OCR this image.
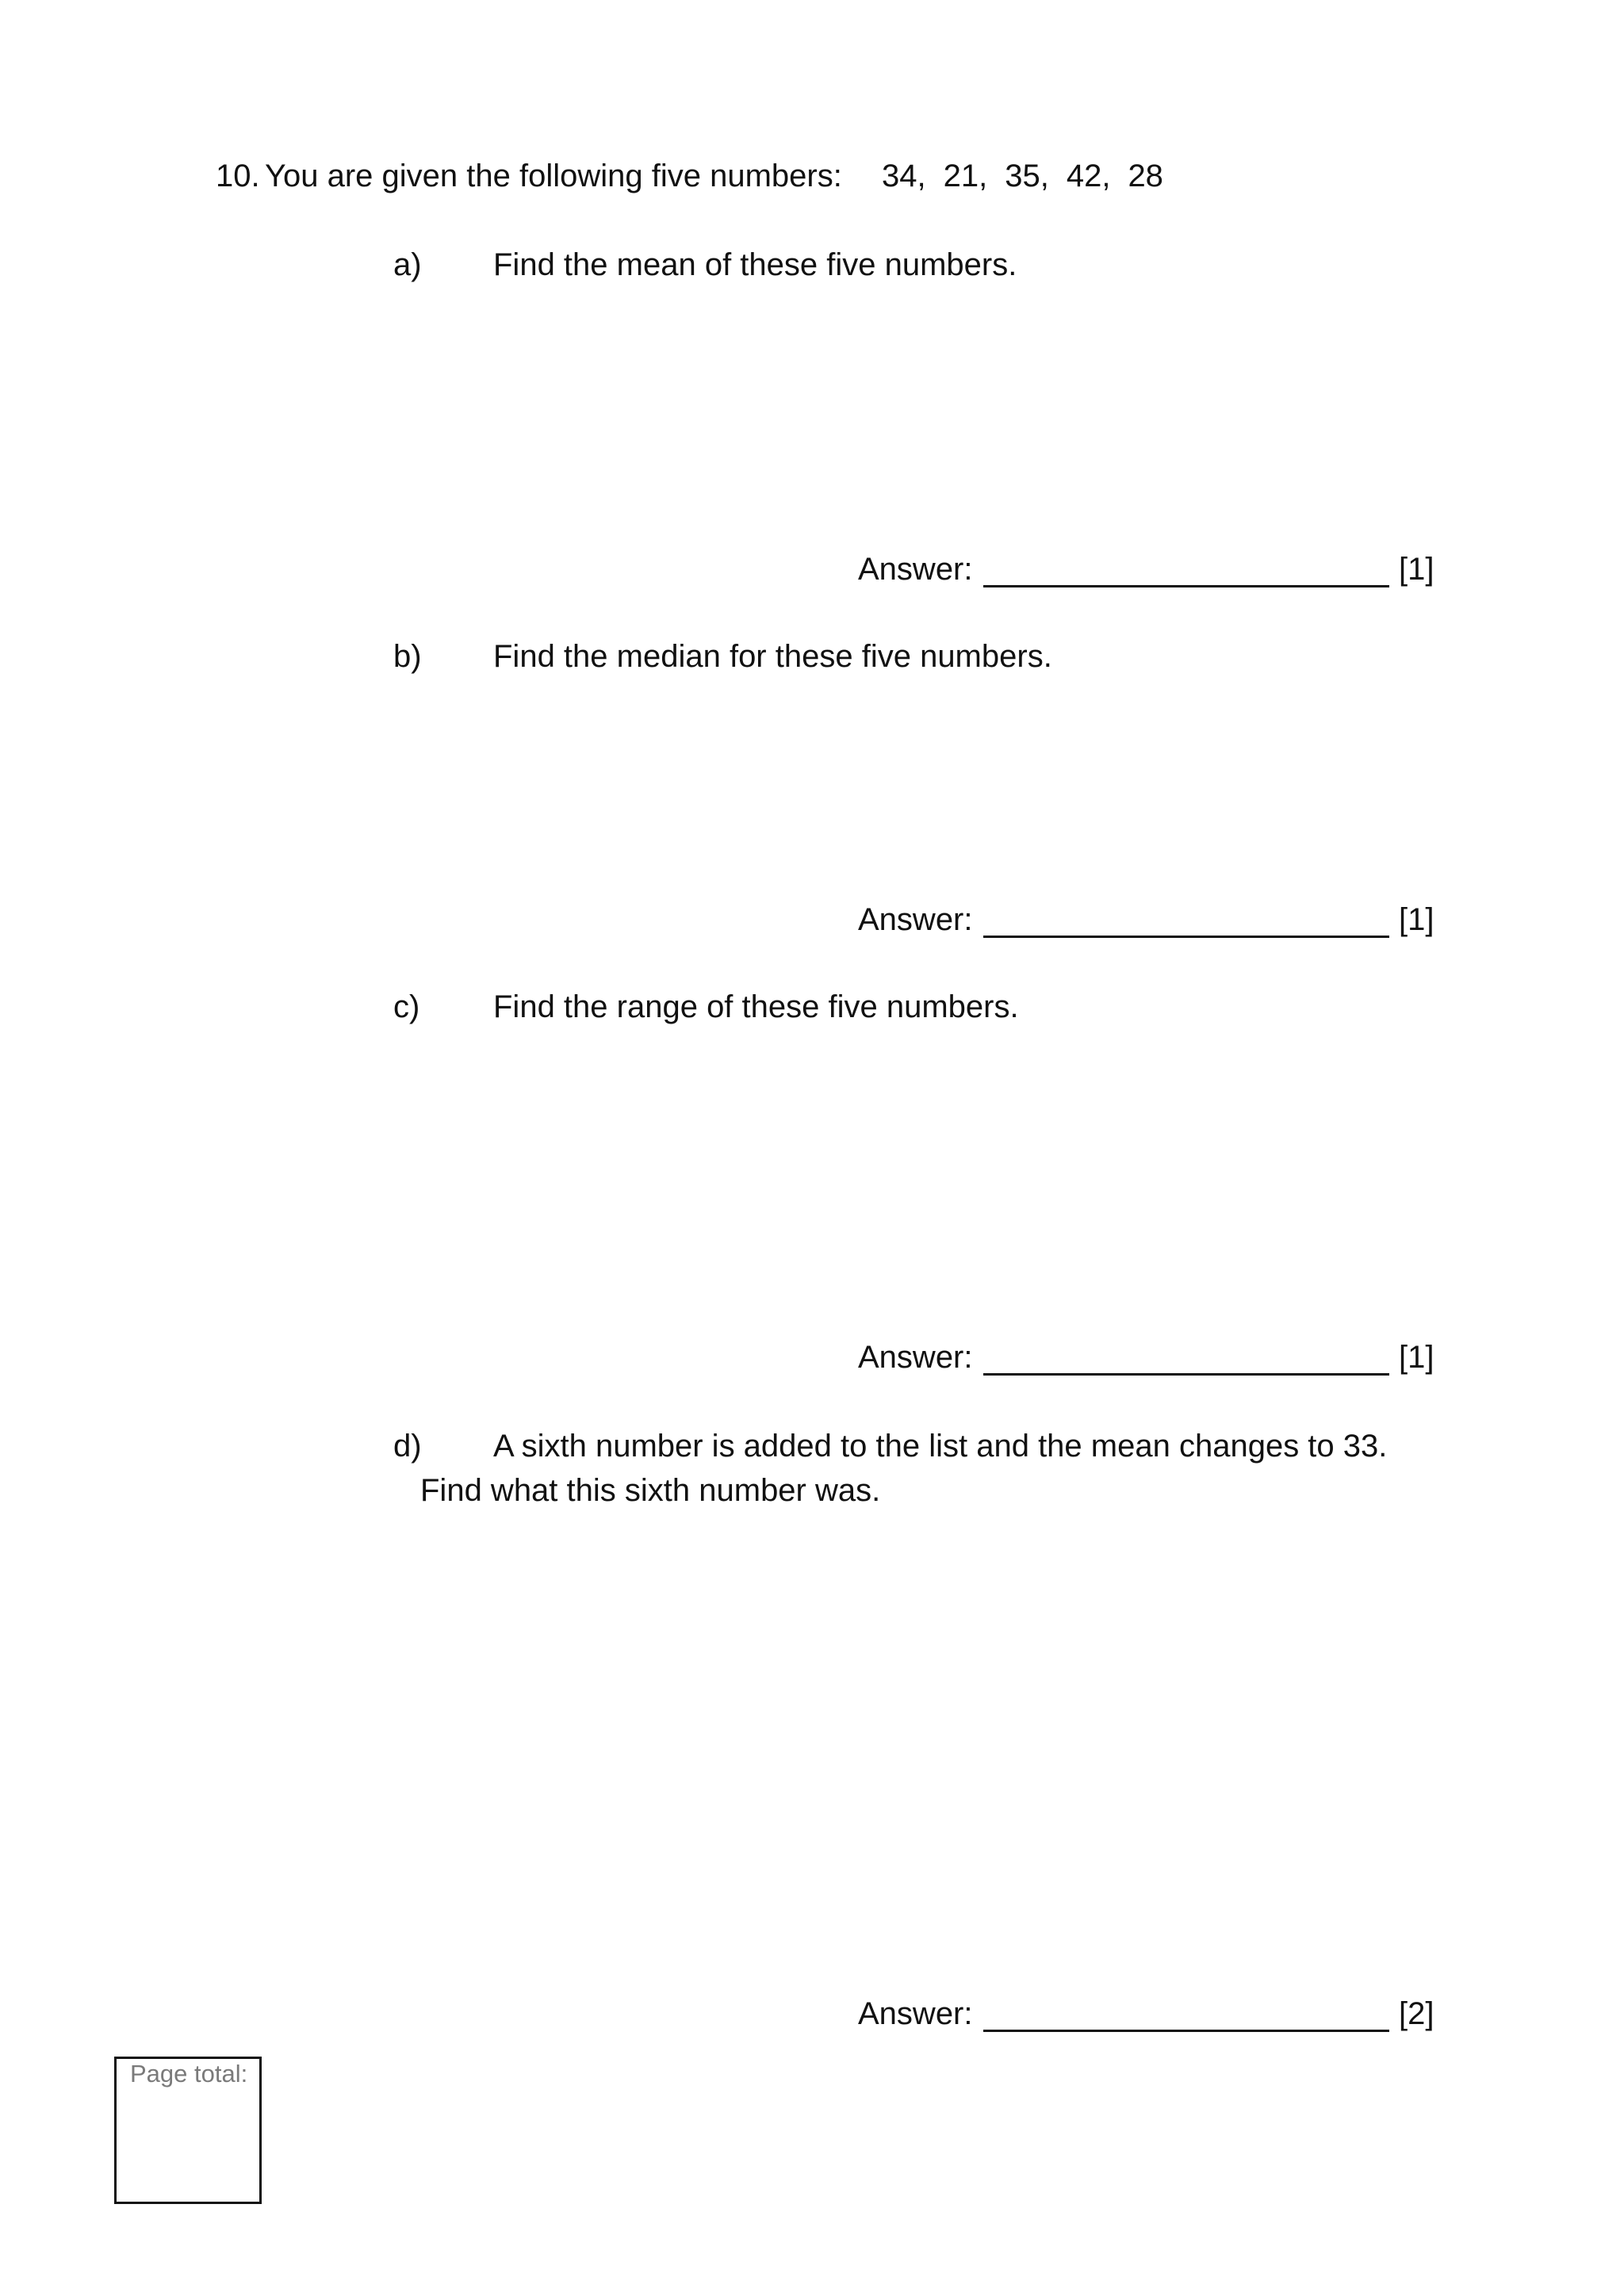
10. You are given the following five numbers: 34, 21, 35, 42, 28
a) Find the mean of these five numbers.
Answer:	[1]
b) Find the median for these five numbers.
Answer:	[1]
c) Find the range of these five numbers.
Answer:	[1]
d) A sixth number is added to the list and the mean changes to 33.
Find what this sixth number was.
Answer:	[2]
Page total:
